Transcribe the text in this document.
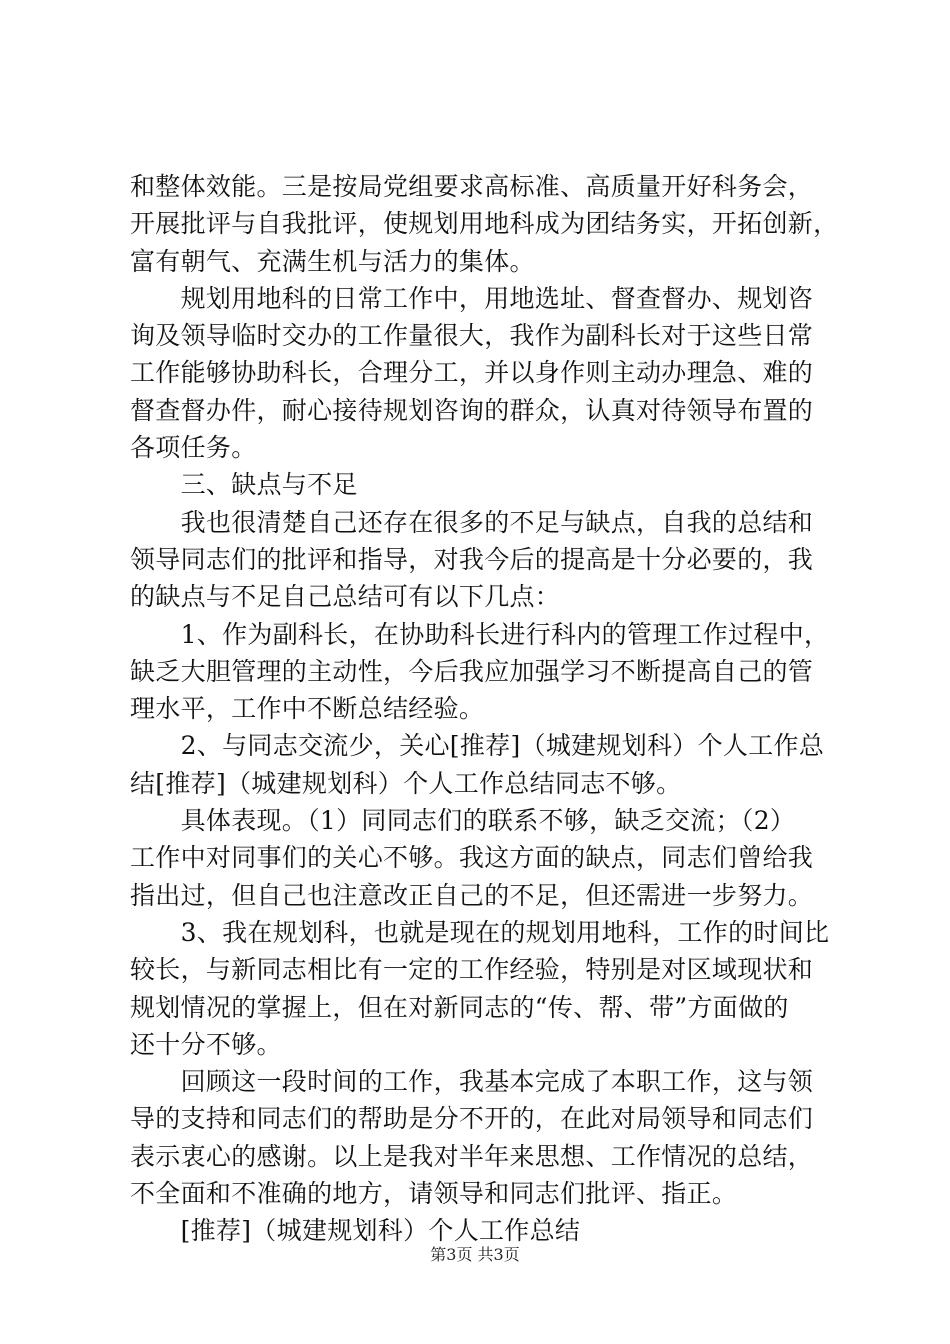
和整体效能。三是按局党组要求高标准、高质量开好科务会，
开展批评与自我批评，使规划用地科成为团结务实，开拓创新，
富有朝气、充满生机与活力的集体。
　　规划用地科的日常工作中，用地选址、督查督办、规划咨
询及领导临时交办的工作量很大，我作为副科长对于这些日常
工作能够协助科长，合理分工，并以身作则主动办理急、难的
督查督办件，耐心接待规划咨询的群众，认真对待领导布置的
各项任务。
　　三、缺点与不足
　　我也很清楚自己还存在很多的不足与缺点，自我的总结和
领导同志们的批评和指导，对我今后的提高是十分必要的，我
的缺点与不足自己总结可有以下几点：
　　1、作为副科长，在协助科长进行科内的管理工作过程中，
缺乏大胆管理的主动性，今后我应加强学习不断提高自己的管
理水平，工作中不断总结经验。
　　2、与同志交流少，关心[推荐]（城建规划科）个人工作总
结[推荐]（城建规划科）个人工作总结同志不够。
　　具体表现。（1）同同志们的联系不够，缺乏交流；（2）
工作中对同事们的关心不够。我这方面的缺点，同志们曾给我
指出过，但自己也注意改正自己的不足，但还需进一步努力。
　　3、我在规划科，也就是现在的规划用地科，工作的时间比
较长，与新同志相比有一定的工作经验，特别是对区域现状和
规划情况的掌握上，但在对新同志的“传、帮、带”方面做的
还十分不够。
　　回顾这一段时间的工作，我基本完成了本职工作，这与领
导的支持和同志们的帮助是分不开的，在此对局领导和同志们
表示衷心的感谢。以上是我对半年来思想、工作情况的总结，
不全面和不准确的地方，请领导和同志们批评、指正。
　　[推荐]（城建规划科）个人工作总结
第3页 共3页
